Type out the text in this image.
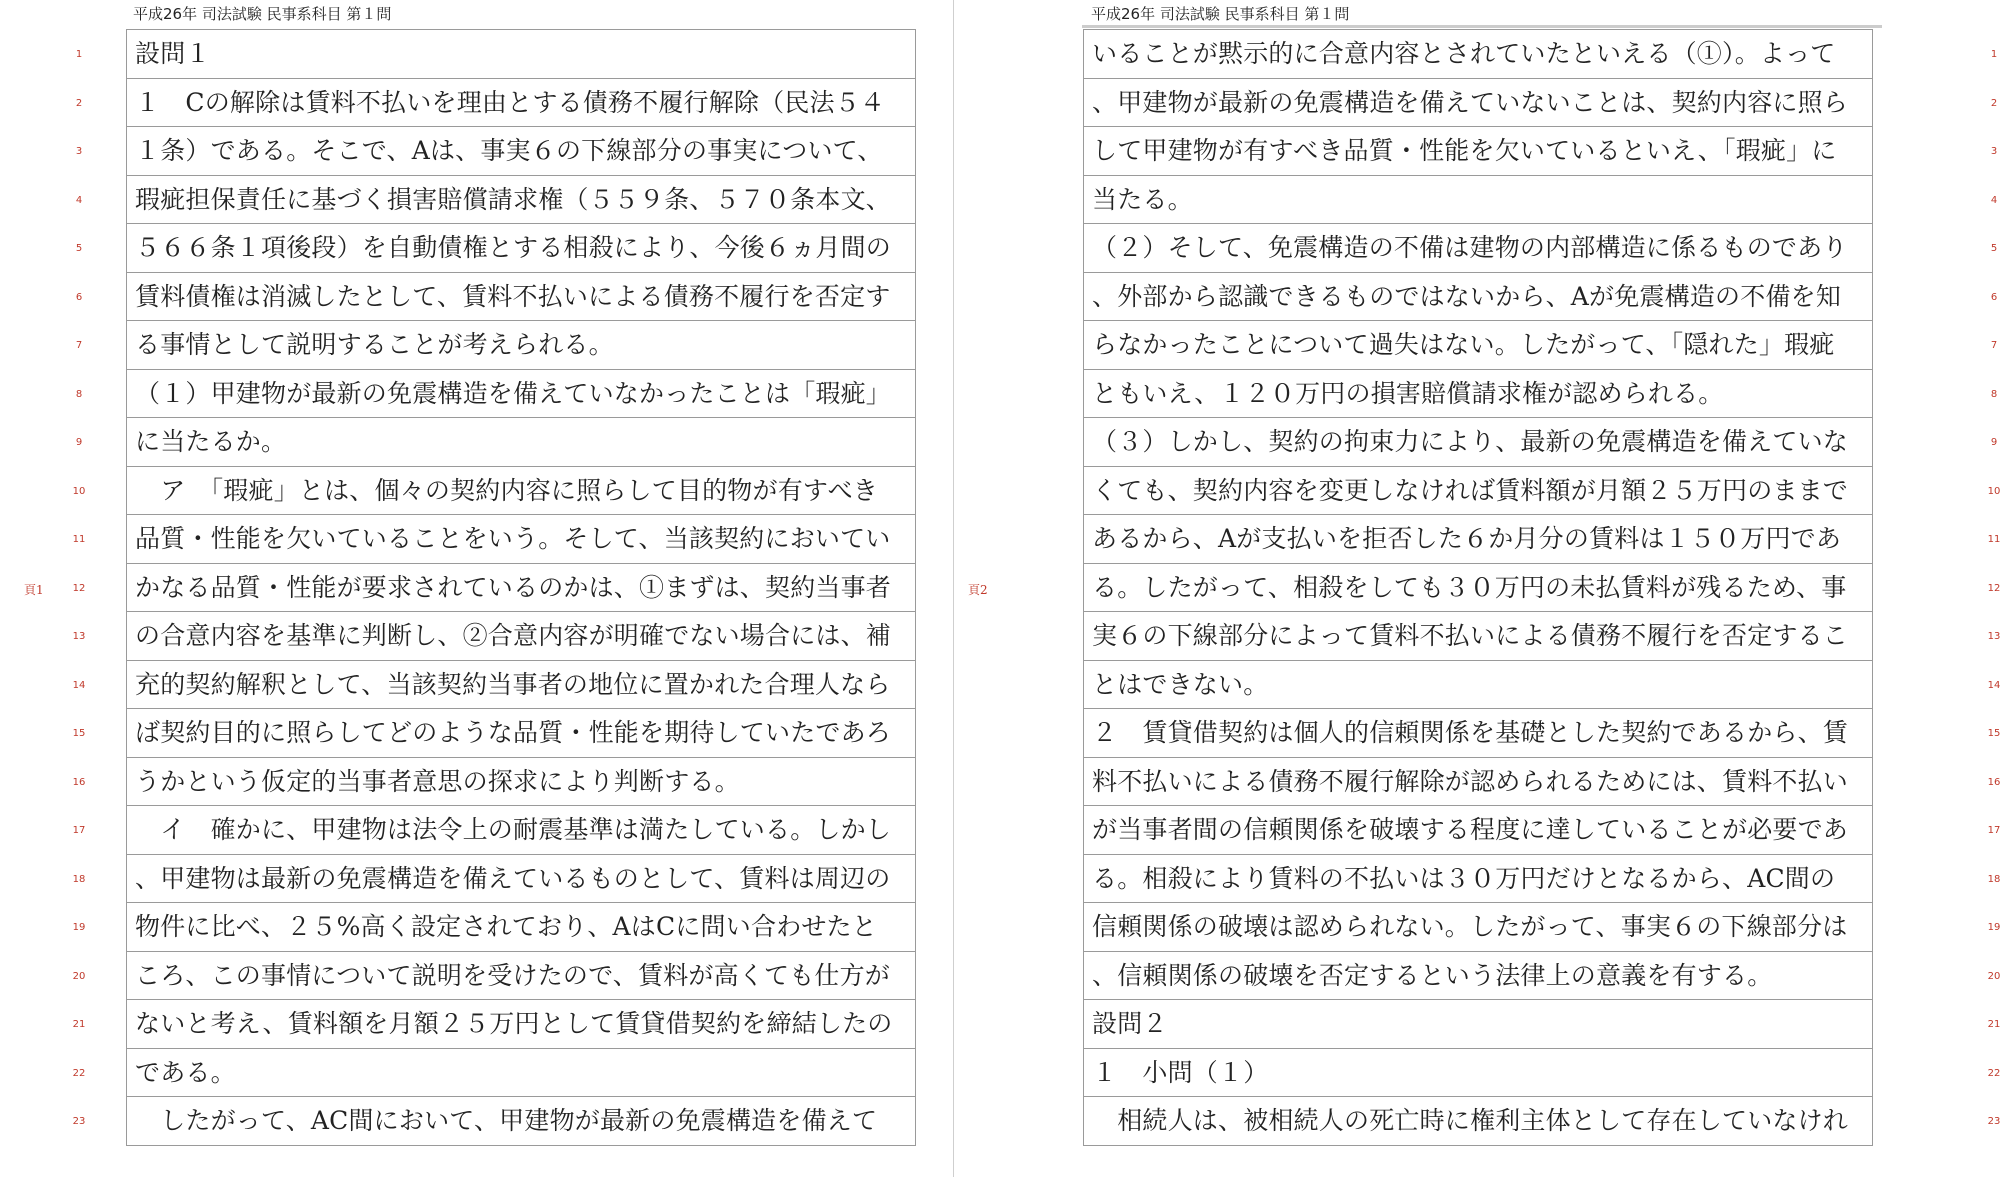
平成26年 司法試験 民事系科目 第１問
頁1
設問１
１　Cの解除は賃料不払いを理由とする債務不履行解除（民法５４
１条）である。そこで、Aは、事実６の下線部分の事実について、
瑕疵担保責任に基づく損害賠償請求権（５５９条、５７０条本文、
５６６条１項後段）を自動債権とする相殺により、今後６ヵ月間の
賃料債権は消滅したとして、賃料不払いによる債務不履行を否定す
る事情として説明することが考えられる。
（１）甲建物が最新の免震構造を備えていなかったことは「瑕疵」
に当たるか。
　ア　「瑕疵」とは、個々の契約内容に照らして目的物が有すべき
品質・性能を欠いていることをいう。そして、当該契約においてい
かなる品質・性能が要求されているのかは、①まずは、契約当事者
の合意内容を基準に判断し、②合意内容が明確でない場合には、補
充的契約解釈として、当該契約当事者の地位に置かれた合理人なら
ば契約目的に照らしてどのような品質・性能を期待していたであろ
うかという仮定的当事者意思の探求により判断する。
　イ　確かに、甲建物は法令上の耐震基準は満たしている。しかし
、甲建物は最新の免震構造を備えているものとして、賃料は周辺の
物件に比べ、２５%高く設定されており、AはCに問い合わせたと
ころ、この事情について説明を受けたので、賃料が高くても仕方が
ないと考え、賃料額を月額２５万円として賃貸借契約を締結したの
である。
　したがって、AC間において、甲建物が最新の免震構造を備えて
1
2
3
4
5
6
7
8
9
10
11
12
13
14
15
16
17
18
19
20
21
22
23
平成26年 司法試験 民事系科目 第１問
頁2
いることが黙示的に合意内容とされていたといえる（①）。よって
、甲建物が最新の免震構造を備えていないことは、契約内容に照ら
して甲建物が有すべき品質・性能を欠いているといえ、「瑕疵」に
当たる。
（２）そして、免震構造の不備は建物の内部構造に係るものであり
、外部から認識できるものではないから、Aが免震構造の不備を知
らなかったことについて過失はない。したがって、「隠れた」瑕疵
ともいえ、１２０万円の損害賠償請求権が認められる。
（３）しかし、契約の拘束力により、最新の免震構造を備えていな
くても、契約内容を変更しなければ賃料額が月額２５万円のままで
あるから、Aが支払いを拒否した６か月分の賃料は１５０万円であ
る。したがって、相殺をしても３０万円の未払賃料が残るため、事
実６の下線部分によって賃料不払いによる債務不履行を否定するこ
とはできない。
２　賃貸借契約は個人的信頼関係を基礎とした契約であるから、賃
料不払いによる債務不履行解除が認められるためには、賃料不払い
が当事者間の信頼関係を破壊する程度に達していることが必要であ
る。相殺により賃料の不払いは３０万円だけとなるから、AC間の
信頼関係の破壊は認められない。したがって、事実６の下線部分は
、信頼関係の破壊を否定するという法律上の意義を有する。
設問２
１　小問（１）
　相続人は、被相続人の死亡時に権利主体として存在していなけれ
1
2
3
4
5
6
7
8
9
10
11
12
13
14
15
16
17
18
19
20
21
22
23
